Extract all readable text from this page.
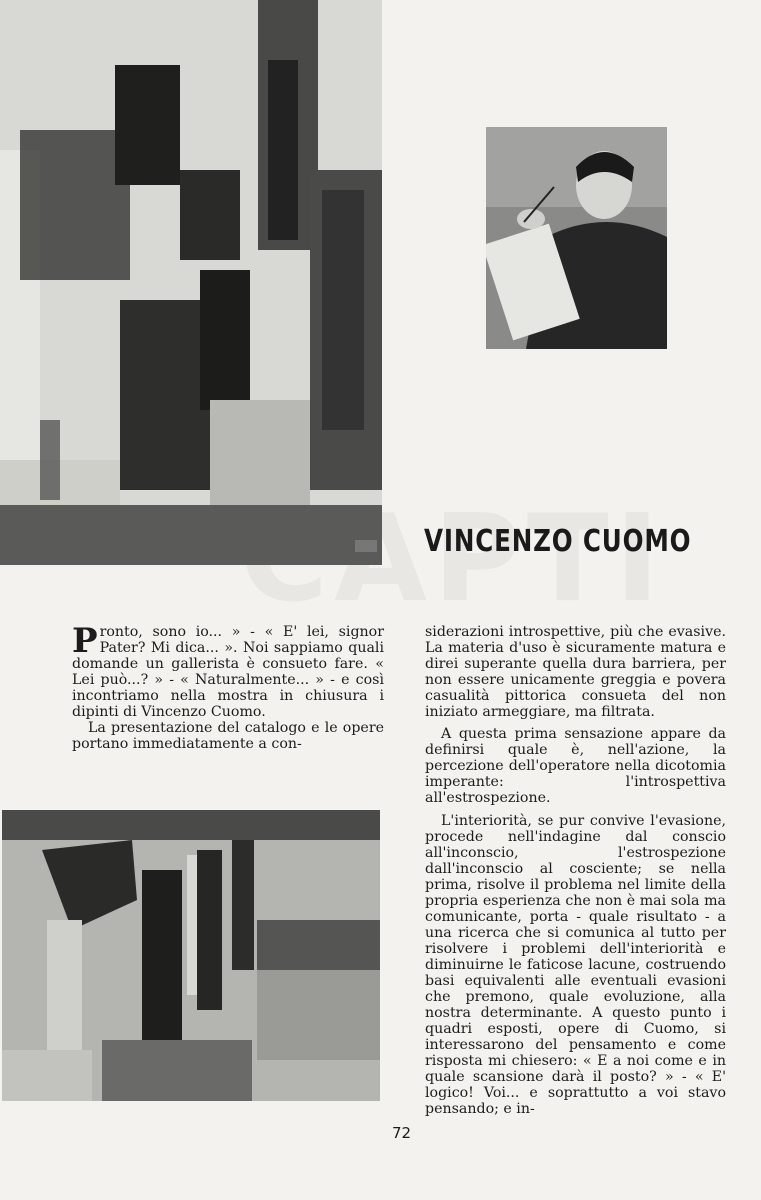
VINCENZO CUOMO

Pronto, sono io... » - « E' lei, signor Pater? Mi dica... ». Noi sappiamo quali domande un gallerista è consueto fare. « Lei può...? » - « Naturalmente... » - e così incontriamo nella mostra in chiusura i dipinti di Vincenzo Cuomo.

La presentazione del catalogo e le opere portano immediatamente a con-

siderazioni introspettive, più che evasive. La materia d'uso è sicuramente matura e direi superante quella dura barriera, per non essere unicamente greggia e povera casualità pittorica consueta del non iniziato armeggiare, ma filtrata.

A questa prima sensazione appare da definirsi quale è, nell'azione, la percezione dell'operatore nella dicotomia imperante: l'introspettiva all'estrospezione.

L'interiorità, se pur convive l'evasione, procede nell'indagine dal conscio all'inconscio, l'estrospezione dall'inconscio al cosciente; se nella prima, risolve il problema nel limite della propria esperienza che non è mai sola ma comunicante, porta - quale risultato - a una ricerca che si comunica al tutto per risolvere i problemi dell'interiorità e diminuirne le faticose lacune, costruendo basi equivalenti alle eventuali evasioni che premono, quale evoluzione, alla nostra determinante. A questo punto i quadri esposti, opere di Cuomo, si interessarono del pensamento e come risposta mi chiesero: « E a noi come e in quale scansione darà il posto? » - « E' logico! Voi... e soprattutto a voi stavo pensando; e in-

72
